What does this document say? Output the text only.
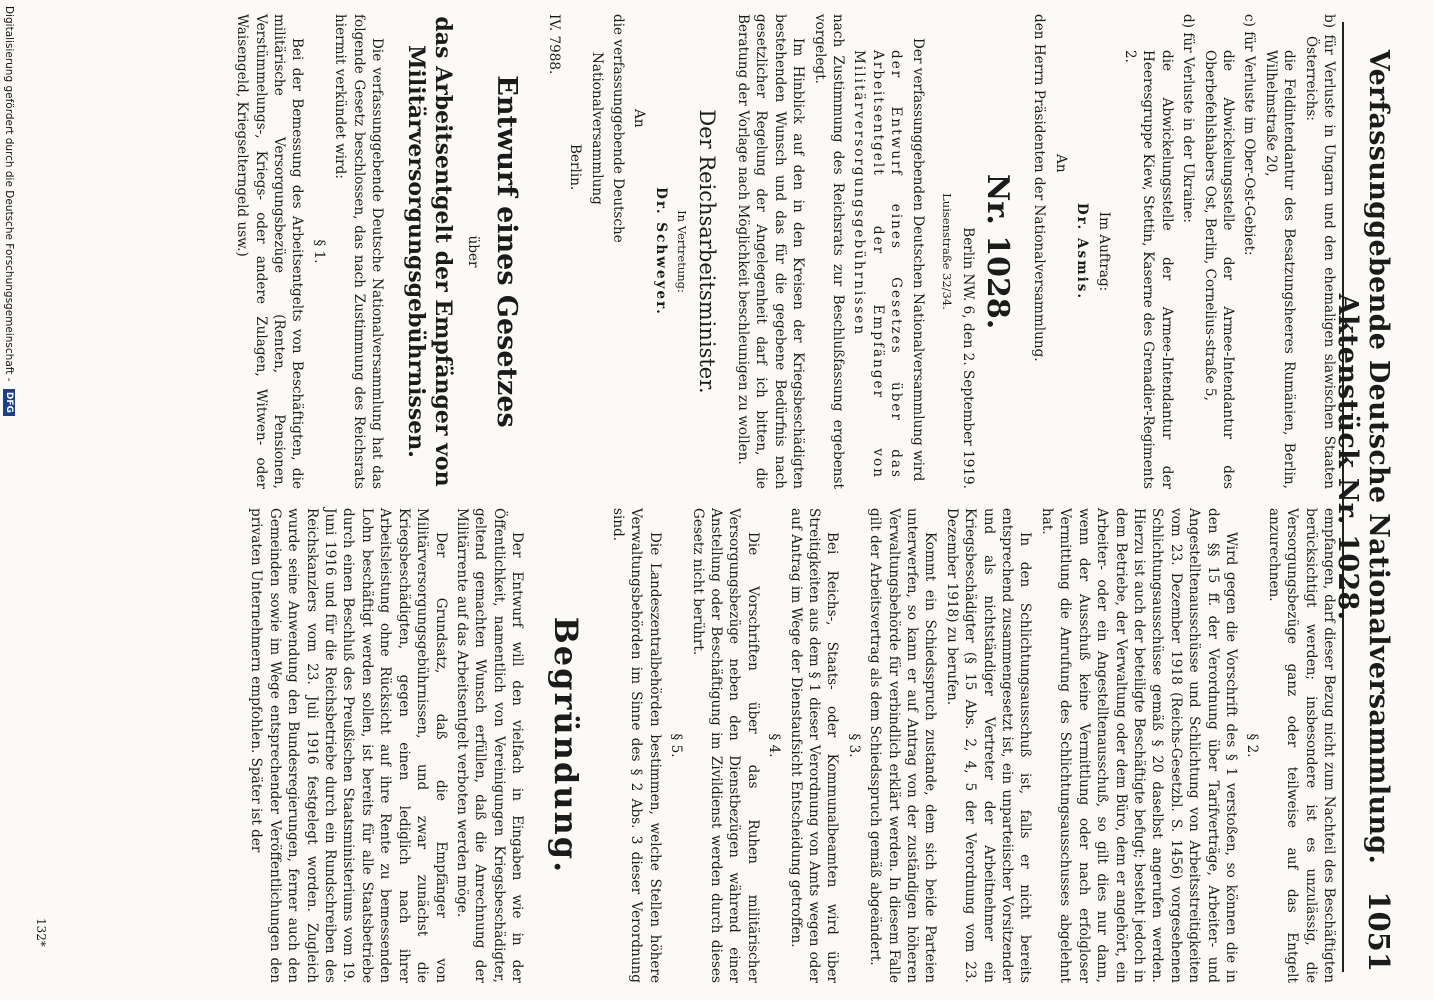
Verfassunggebende Deutsche Nationalversammlung. Aktenstück Nr. 1028.
1051

b) für Verluste in Ungarn und den ehemaligen slawischen Staaten Österreichs:

die Feldintendantur des Besatzungsheeres Rumänien, Berlin, Wilhelmstraße 20,

c) für Verluste im Ober-Ost-Gebiet:

die Abwickelungsstelle der Armee-Intendantur des Oberbefehlshabers Ost, Berlin, Cornelius-straße 5,

d) für Verluste in der Ukraine:

die Abwickelungsstelle der Armee-Intendantur der Heeresgruppe Kiew, Stettin, Kaserne des Grenadier-Regiments 2.

Im Auftrag:

Dr. Asmis.

An

den Herrn Präsidenten der Nationalversammlung.

Nr. 1028.

Berlin NW. 6, den 2. September 1919.

Luisenstraße 32/34.

Der verfassunggebenden Deutschen Nationalversammlung wird

der Entwurf eines Gesetzes über das Arbeitsentgelt der Empfänger von Militärversorgungsgebührnissen

nach Zustimmung des Reichsrats zur Beschlußfassung ergebenst vorgelegt.

Im Hinblick auf den in den Kreisen der Kriegsbeschädigten bestehenden Wunsch und das für die gegebene Bedürfnis nach gesetzlicher Regelung der Angelegenheit darf ich bitten, die Beratung der Vorlage nach Möglichkeit beschleunigen zu wollen.

Der Reichsarbeitsminister.

In Vertretung:

Dr. Schweyer.

An

die verfassunggebende Deutsche

Nationalversammlung

Berlin.

IV. 7988.

Entwurf eines Gesetzes

über

das Arbeitsentgelt der Empfänger von Militärversorgungsgebührnissen.

Die verfassunggebende Deutsche Nationalversammlung hat das folgende Gesetz beschlossen, das nach Zustimmung des Reichsrats hiermit verkündet wird:

§ 1.

Bei der Bemessung des Arbeitsentgelts von Beschäftigten, die militärische Versorgungsbezüge (Renten, Pensionen, Verstümmelungs-, Kriegs- oder andere Zulagen, Witwen- oder Waisengeld, Kriegselterngeld usw.)

empfangen, darf dieser Bezug nicht zum Nachteil des Beschäftigten berücksichtigt werden; insbesondere ist es unzulässig, die Versorgungsbezüge ganz oder teilweise auf das Entgelt anzurechnen.

§ 2.

Wird gegen die Vorschrift des § 1 verstoßen, so können die in den §§ 15 ff. der Verordnung über Tarifverträge, Arbeiter- und Angestelltenausschüsse und Schlichtung von Arbeitsstreitigkeiten vom 23. Dezember 1918 (Reichs-Gesetzbl. S. 1456) vorgesehenen Schlichtungsausschüsse gemäß § 20 daselbst angerufen werden. Hierzu ist auch der beteiligte Beschäftigte befugt; besteht jedoch in dem Betriebe, der Verwaltung oder dem Büro, dem er angehört, ein Arbeiter- oder ein Angestelltenausschuß, so gilt dies nur dann, wenn der Ausschuß keine Vermittlung oder nach erfolgloser Vermittlung die Anrufung des Schlichtungsausschusses abgelehnt hat.

In den Schlichtungsausschuß ist, falls er nicht bereits entsprechend zusammengesetzt ist, ein unparteiischer Vorsitzender und als nichtständiger Vertreter der Arbeitnehmer ein Kriegsbeschädigter (§ 15 Abs. 2, 4, 5 der Verordnung vom 23. Dezember 1918) zu berufen.

Kommt ein Schiedsspruch zustande, dem sich beide Parteien unterwerfen, so kann er auf Antrag von der zuständigen höheren Verwaltungsbehörde für verbindlich erklärt werden. In diesem Falle gilt der Arbeitsvertrag als dem Schiedsspruch gemäß abgeändert.

§ 3.

Bei Reichs-, Staats- oder Kommunalbeamten wird über Streitigkeiten aus dem § 1 dieser Verordnung von Amts wegen oder auf Antrag im Wege der Dienstaufsicht Entscheidung getroffen.

§ 4.

Die Vorschriften über das Ruhen militärischer Versorgungsbezüge neben den Dienstbezügen während einer Anstellung oder Beschäftigung im Zivildienst werden durch dieses Gesetz nicht berührt.

§ 5.

Die Landeszentralbehörden bestimmen, welche Stellen höhere Verwaltungsbehörden im Sinne des § 2 Abs. 3 dieser Verordnung sind.

Begründung.

Der Entwurf will den vielfach in Eingaben wie in der Öffentlichkeit, namentlich von Vereinigungen Kriegsbeschädigter, geltend gemachten Wunsch erfüllen, daß die Anrechnung der Militärrente auf das Arbeitsentgelt verboten werden möge.

Der Grundsatz, daß die Empfänger von Militärversorgungsgebührnissen, und zwar zunächst die Kriegsbeschädigten, gegen einen lediglich nach ihrer Arbeitsleistung ohne Rücksicht auf ihre Rente zu bemessenden Lohn beschäftigt werden sollen, ist bereits für alle Staatsbetriebe durch einen Beschluß des Preußischen Staatsministeriums vom 19. Juni 1916 und für die Reichsbetriebe durch ein Rundschreiben des Reichskanzlers vom 23. Juli 1916 festgelegt worden. Zugleich wurde seine Anwendung den Bundesregierungen, ferner auch den Gemeinden sowie im Wege entsprechender Veröffentlichungen den privaten Unternehmern empfohlen. Später ist der

132*
Digitalisierung gefördert durch die Deutsche Forschungsgemeinschaft - DFG
